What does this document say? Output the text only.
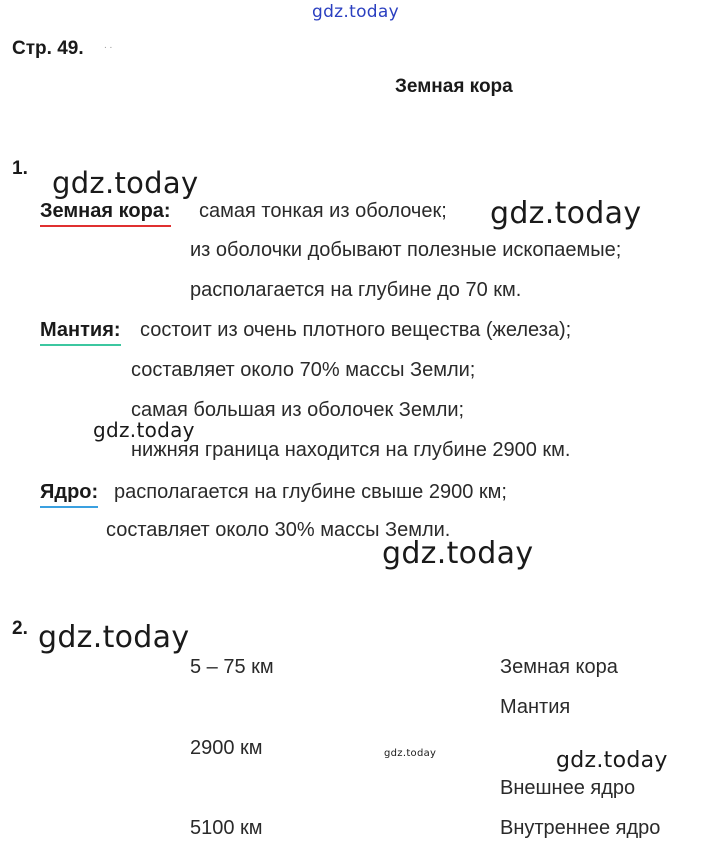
gdz.today
gdz.today
gdz.today
gdz.today
gdz.today
gdz.today
gdz.today	gdz.today
Стр. 49. . .
Земная кора
1.
Земная кора: самая тонкая из оболочек;
из оболочки добывают полезные ископаемые;
располагается на глубине до 70 км.
Мантия: состоит из очень плотного вещества (железа);
составляет около 70% массы Земли;
самая большая из оболочек Земли;
нижняя граница находится на глубине 2900 км.
Ядро: располагается на глубине свыше 2900 км;
составляет около 30% массы Земли.
2.
5 – 75 км
2900 км
5100 км
Земная кора
Мантия
Внешнее ядро
Внутреннее ядро
